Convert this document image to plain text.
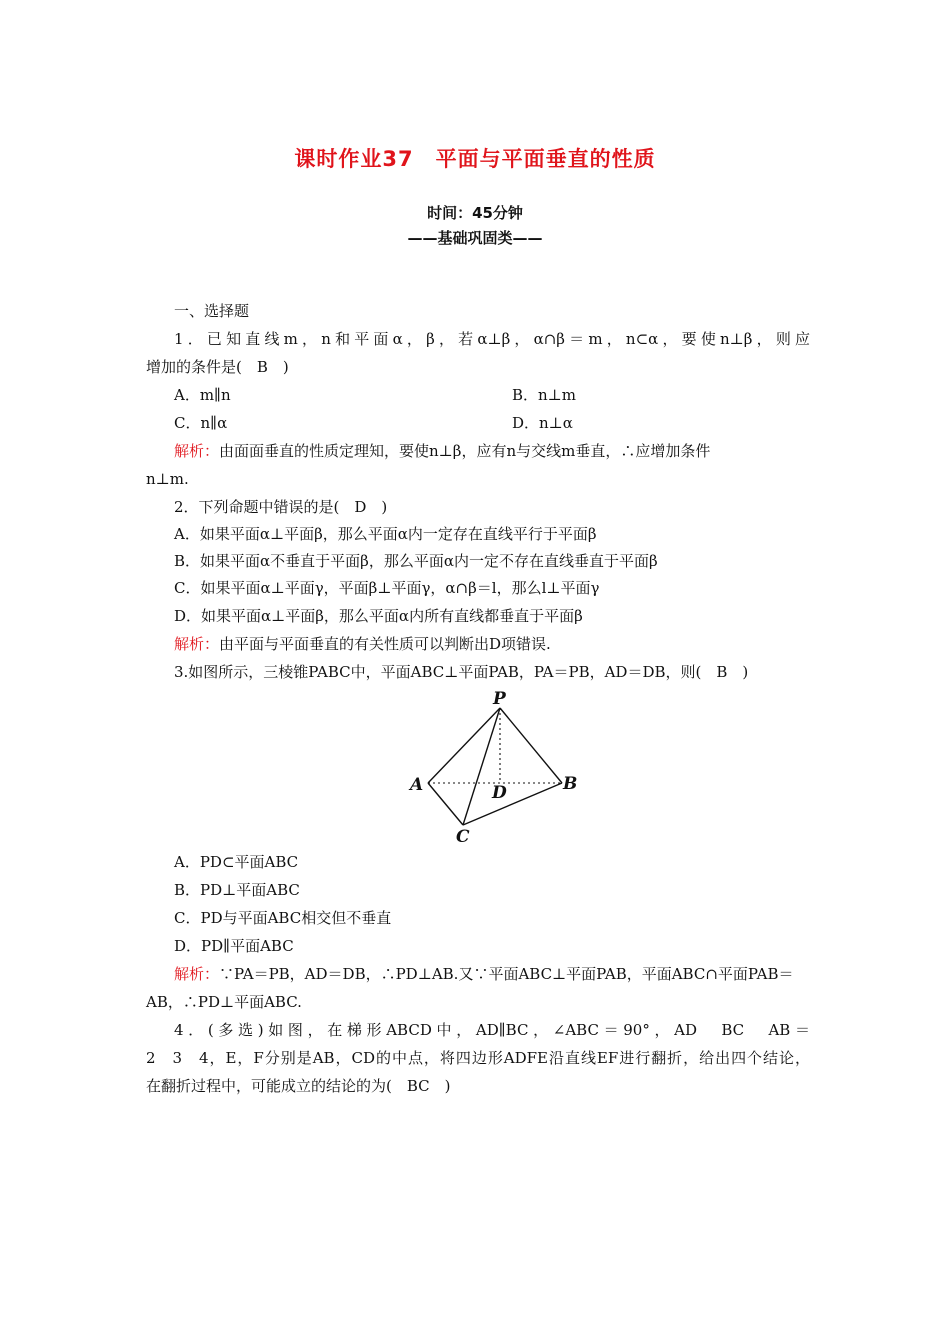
课时作业37　平面与平面垂直的性质
时间：45分钟
——基础巩固类——
一、选择题
1．已知直线m，n和平面α，β，若α⊥β，α∩β＝m，n⊂α，要使n⊥β，则应
增加的条件是(　B　)
A．m∥n	B．n⊥m
C．n∥α	D．n⊥α
解析：由面面垂直的性质定理知，要使n⊥β，应有n与交线m垂直，∴应增加条件
n⊥m.
2．下列命题中错误的是(　D　)
A．如果平面α⊥平面β，那么平面α内一定存在直线平行于平面β
B．如果平面α不垂直于平面β，那么平面α内一定不存在直线垂直于平面β
C．如果平面α⊥平面γ，平面β⊥平面γ，α∩β＝l，那么l⊥平面γ
D．如果平面α⊥平面β，那么平面α内所有直线都垂直于平面β
解析：由平面与平面垂直的有关性质可以判断出D项错误.
3.如图所示，三棱锥PABC中，平面ABC⊥平面PAB，PA＝PB，AD＝DB，则(　B　)
P
A	B
C
D
A．PD⊂平面ABC
B．PD⊥平面ABC
C．PD与平面ABC相交但不垂直
D．PD∥平面ABC
解析：∵PA＝PB，AD＝DB，∴PD⊥AB.又∵平面ABC⊥平面PAB，平面ABC∩平面PAB＝
AB，∴PD⊥平面ABC.
4．(多选)如图，在梯形ABCD中，AD∥BC，∠ABC＝90°，AD　BC　AB＝
2　3　4，E，F分别是AB，CD的中点，将四边形ADFE沿直线EF进行翻折，给出四个结论，
在翻折过程中，可能成立的结论的为(　BC　)
